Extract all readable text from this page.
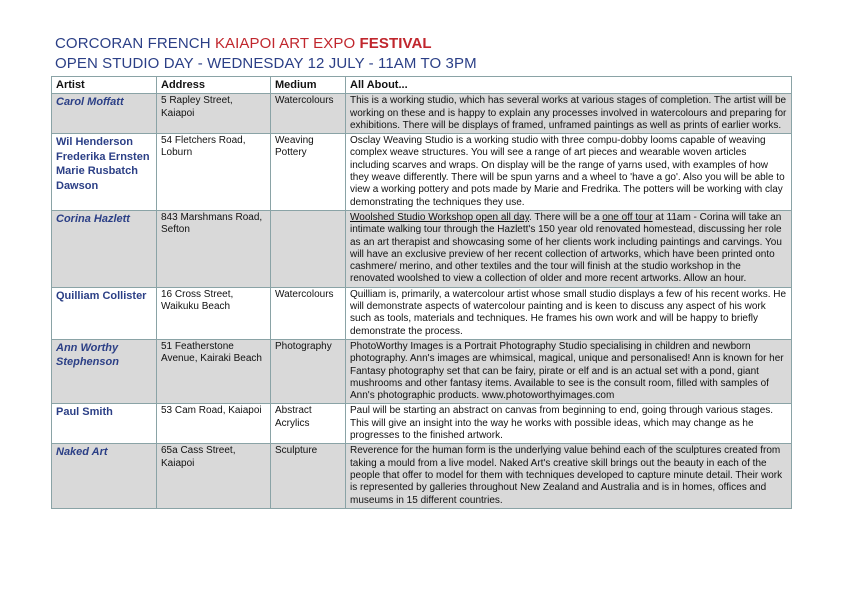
CORCORAN FRENCH KAIAPOI ART EXPO FESTIVAL
OPEN STUDIO DAY - WEDNESDAY 12 JULY - 11AM TO 3PM
Artist	Address	Medium	All About...
Carol Moffatt	5 Rapley Street, Kaiapoi	Watercolours	This is a working studio, which has several works at various stages of completion. The artist will be working on these and is happy to explain any processes involved in watercolours and preparing for exhibitions. There will be displays of framed, unframed paintings as well as prints of earlier works.
Wil Henderson Frederika Ernsten Marie Rusbatch Dawson	54 Fletchers Road, Loburn	Weaving Pottery	Osclay Weaving Studio is a working studio with three compu-dobby looms capable of weaving complex weave structures. You will see a range of art pieces and wearable woven articles including scarves and wraps. On display will be the range of yarns used, with examples of how they weave differently. There will be spun yarns and a wheel to 'have a go'. Also you will be able to view a working pottery and pots made by Marie and Fredrika. The potters will be working with clay demonstrating the techniques they use.
Corina Hazlett	843 Marshmans Road, Sefton		Woolshed Studio Workshop open all day. There will be a one off tour at 11am - Corina will take an intimate walking tour through the Hazlett's 150 year old renovated homestead, discussing her role as an art therapist and showcasing some of her clients work including paintings and carvings. You will have an exclusive preview of her recent collection of artworks, which have been printed onto cashmere/ merino, and other textiles and the tour will finish at the studio workshop in the renovated woolshed to view a collection of older and more recent artworks. Allow an hour.
Quilliam Collister	16 Cross Street, Waikuku Beach	Watercolours	Quilliam is, primarily, a watercolour artist whose small studio displays a few of his recent works. He will demonstrate aspects of watercolour painting and is keen to discuss any aspect of his work such as tools, materials and techniques. He frames his own work and will be happy to briefly demonstrate the process.
Ann Worthy Stephenson	51 Featherstone Avenue, Kairaki Beach	Photography	PhotoWorthy Images is a Portrait Photography Studio specialising in children and newborn photography. Ann's images are whimsical, magical, unique and personalised! Ann is known for her Fantasy photography set that can be fairy, pirate or elf and is an actual set with a pond, giant mushrooms and other fantasy items. Available to see is the consult room, filled with samples of Ann's photographic products. www.photoworthyimages.com
Paul Smith	53 Cam Road, Kaiapoi	Abstract Acrylics	Paul will be starting an abstract on canvas from beginning to end, going through various stages. This will give an insight into the way he works with possible ideas, which may change as he progresses to the finished artwork.
Naked Art	65a Cass Street, Kaiapoi	Sculpture	Reverence for the human form is the underlying value behind each of the sculptures created from taking a mould from a live model. Naked Art's creative skill brings out the beauty in each of the people that offer to model for them with techniques developed to capture minute detail. Their work is represented by galleries throughout New Zealand and Australia and is in homes, offices and museums in 15 different countries.
